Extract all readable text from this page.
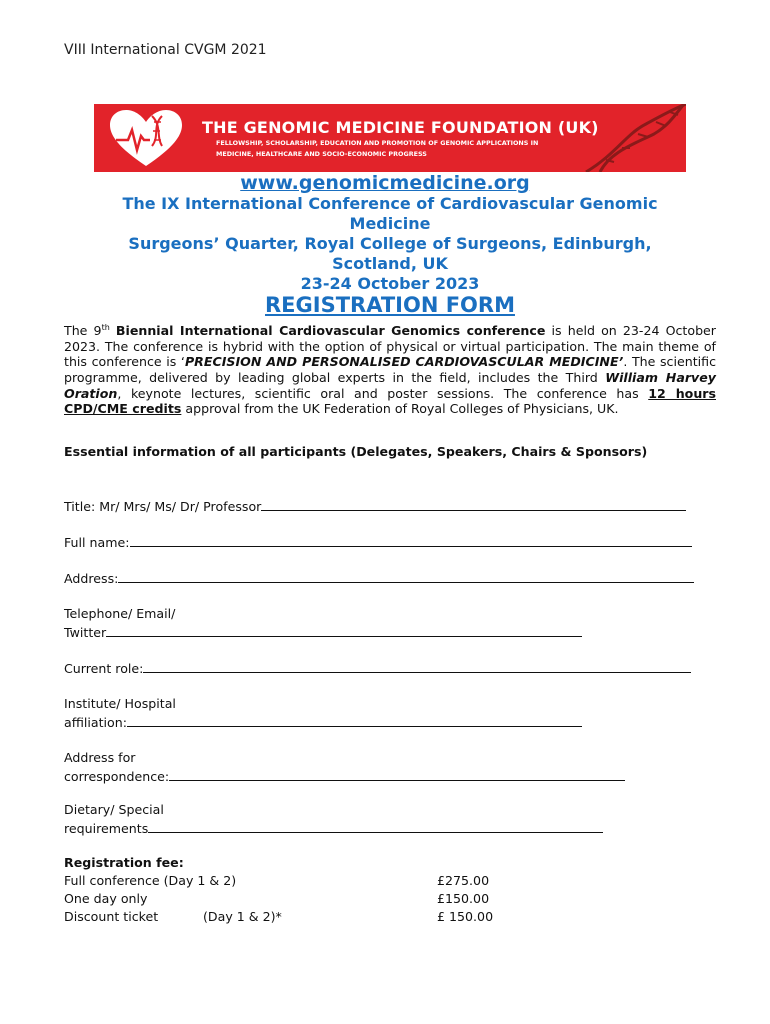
VIII International CVGM 2021
THE GENOMIC MEDICINE FOUNDATION (UK)
FELLOWSHIP, SCHOLARSHIP, EDUCATION AND PROMOTION OF GENOMIC APPLICATIONS IN MEDICINE, HEALTHCARE AND SOCIO-ECONOMIC PROGRESS
www.genomicmedicine.org
The IX International Conference of Cardiovascular Genomic
Medicine
Surgeons’ Quarter, Royal College of Surgeons, Edinburgh,
Scotland, UK
23-24 October 2023
REGISTRATION FORM
The 9th Biennial International Cardiovascular Genomics conference is held on 23-24 October 2023. The conference is hybrid with the option of physical or virtual participation. The main theme of this conference is ‘PRECISION AND PERSONALISED CARDIOVASCULAR MEDICINE’. The scientific programme, delivered by leading global experts in the field, includes the Third William Harvey Oration, keynote lectures, scientific oral and poster sessions. The conference has 12 hours CPD/CME credits approval from the UK Federation of Royal Colleges of Physicians, UK.
Essential information of all participants (Delegates, Speakers, Chairs & Sponsors)
Title: Mr/ Mrs/ Ms/ Dr/ Professor
Full name:
Address:
Telephone/ Email/
Twitter
Current role:
Institute/ Hospital
affiliation:
Address for
correspondence:
Dietary/ Special
requirements
Registration fee:
Full conference (Day 1 & 2)	£275.00
One day only	£150.00
Discount ticket	(Day 1 & 2)*	£ 150.00
